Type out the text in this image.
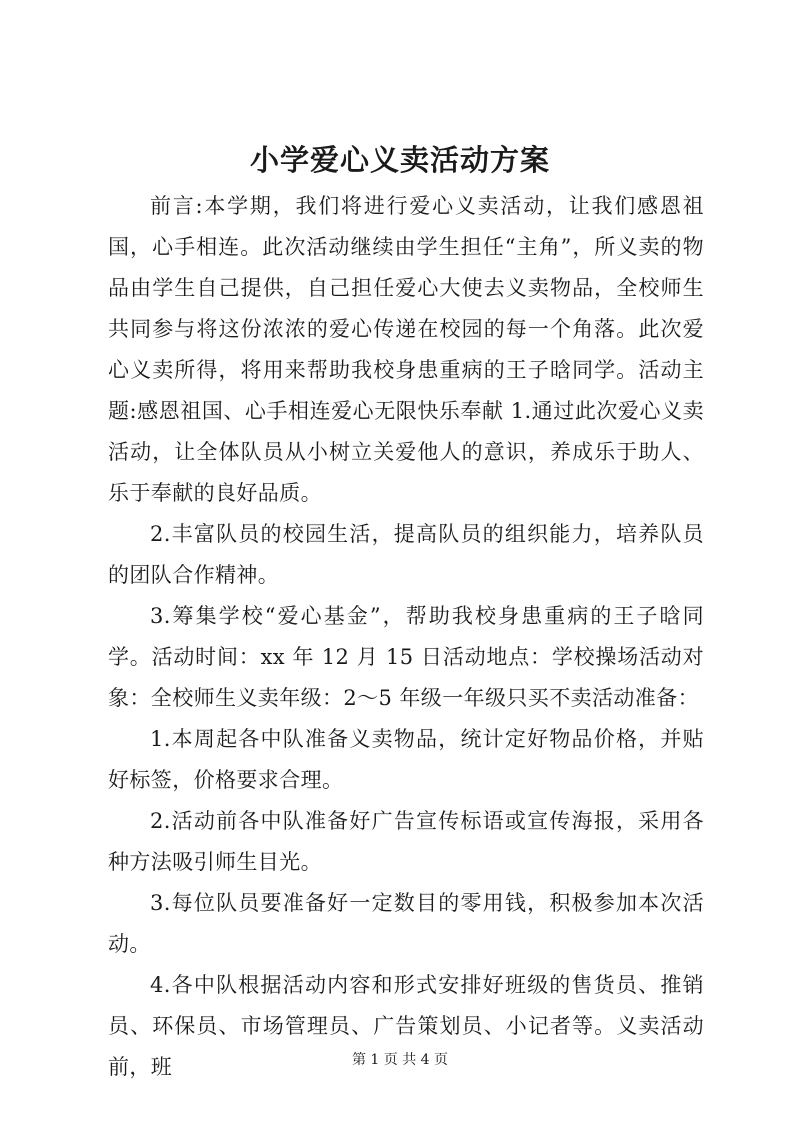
小学爱心义卖活动方案

前言:本学期，我们将进行爱心义卖活动，让我们感恩祖国，心手相连。此次活动继续由学生担任“主角”，所义卖的物品由学生自己提供，自己担任爱心大使去义卖物品，全校师生共同参与将这份浓浓的爱心传递在校园的每一个角落。此次爱心义卖所得，将用来帮助我校身患重病的王子晗同学。活动主题:感恩祖国、心手相连爱心无限快乐奉献 1.通过此次爱心义卖活动，让全体队员从小树立关爱他人的意识，养成乐于助人、乐于奉献的良好品质。

2.丰富队员的校园生活，提高队员的组织能力，培养队员的团队合作精神。

3.筹集学校“爱心基金”，帮助我校身患重病的王子晗同学。活动时间：xx 年 12 月 15 日活动地点：学校操场活动对象：全校师生义卖年级：2～5 年级一年级只买不卖活动准备：

1.本周起各中队准备义卖物品，统计定好物品价格，并贴好标签，价格要求合理。

2.活动前各中队准备好广告宣传标语或宣传海报，采用各种方法吸引师生目光。

3.每位队员要准备好一定数目的零用钱，积极参加本次活动。

4.各中队根据活动内容和形式安排好班级的售货员、推销员、环保员、市场管理员、广告策划员、小记者等。义卖活动前，班	第 1 页 共 4 页
